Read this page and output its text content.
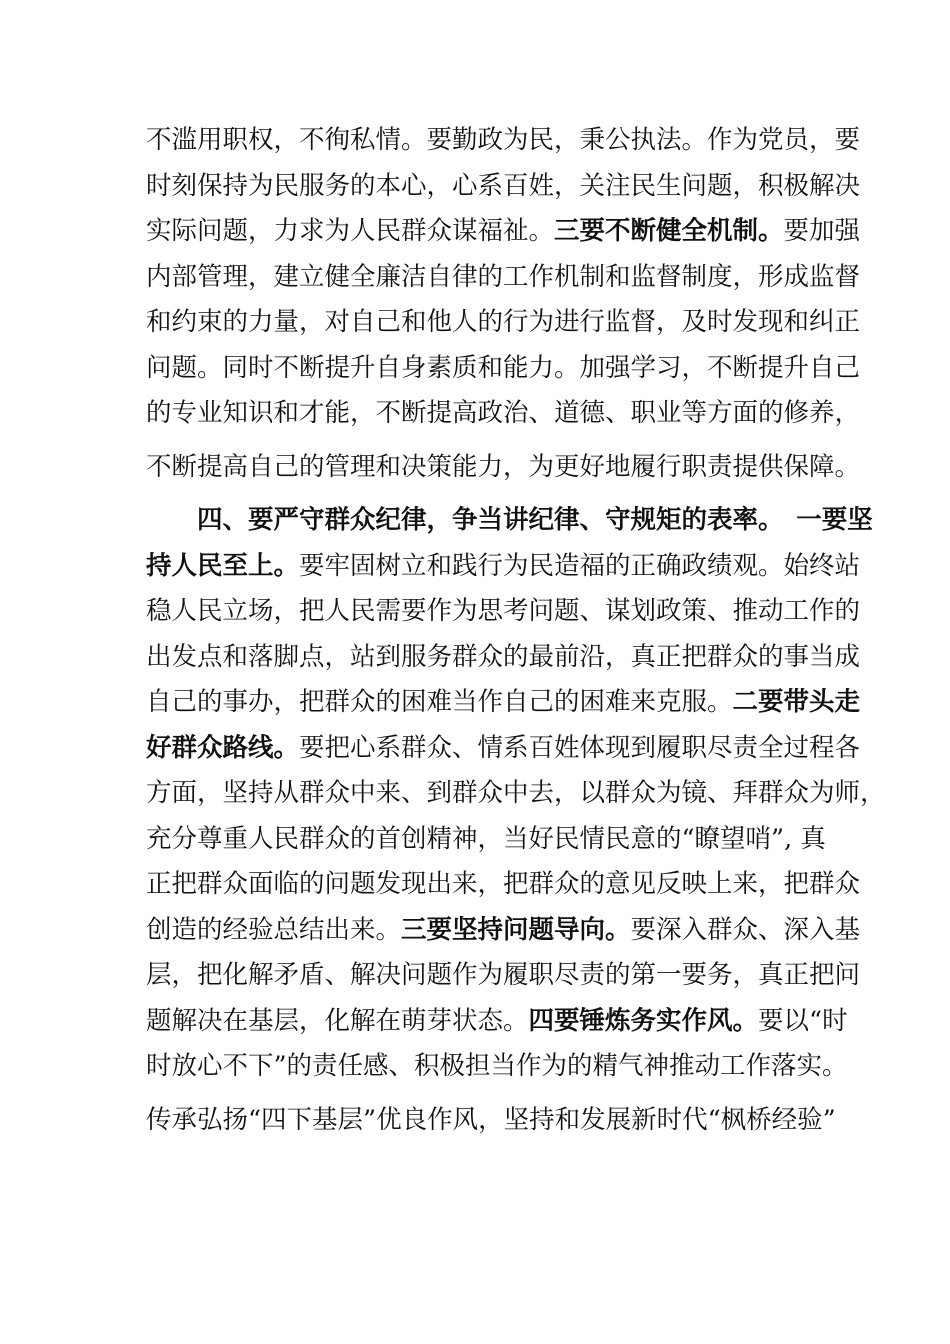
不滥用职权，不徇私情。要勤政为民，秉公执法。作为党员，要
时刻保持为民服务的本心，心系百姓，关注民生问题，积极解决
实际问题，力求为人民群众谋福祉。三要不断健全机制。要加强
内部管理，建立健全廉洁自律的工作机制和监督制度，形成监督
和约束的力量，对自己和他人的行为进行监督，及时发现和纠正
问题。同时不断提升自身素质和能力。加强学习，不断提升自己
的专业知识和才能，不断提高政治、道德、职业等方面的修养，
不断提高自己的管理和决策能力，为更好地履行职责提供保障。
四、要严守群众纪律，争当讲纪律、守规矩的表率。　 一要坚
持人民至上。要牢固树立和践行为民造福的正确政绩观。始终站
稳人民立场，把人民需要作为思考问题、谋划政策、推动工作的
出发点和落脚点，站到服务群众的最前沿，真正把群众的事当成
自己的事办，把群众的困难当作自己的困难来克服。二要带头走
好群众路线。要把心系群众、情系百姓体现到履职尽责全过程各
方面，坚持从群众中来、到群众中去，以群众为镜、拜群众为师，
充分尊重人民群众的首创精神，当好民情民意的“瞭望哨”, 真
正把群众面临的问题发现出来，把群众的意见反映上来，把群众
创造的经验总结出来。三要坚持问题导向。要深入群众、深入基
层，把化解矛盾、解决问题作为履职尽责的第一要务，真正把问
题解决在基层，化解在萌芽状态。四要锤炼务实作风。要以“时
时放心不下”的责任感、积极担当作为的精气神推动工作落实。
传承弘扬“四下基层”优良作风，坚持和发展新时代“枫桥经验”
